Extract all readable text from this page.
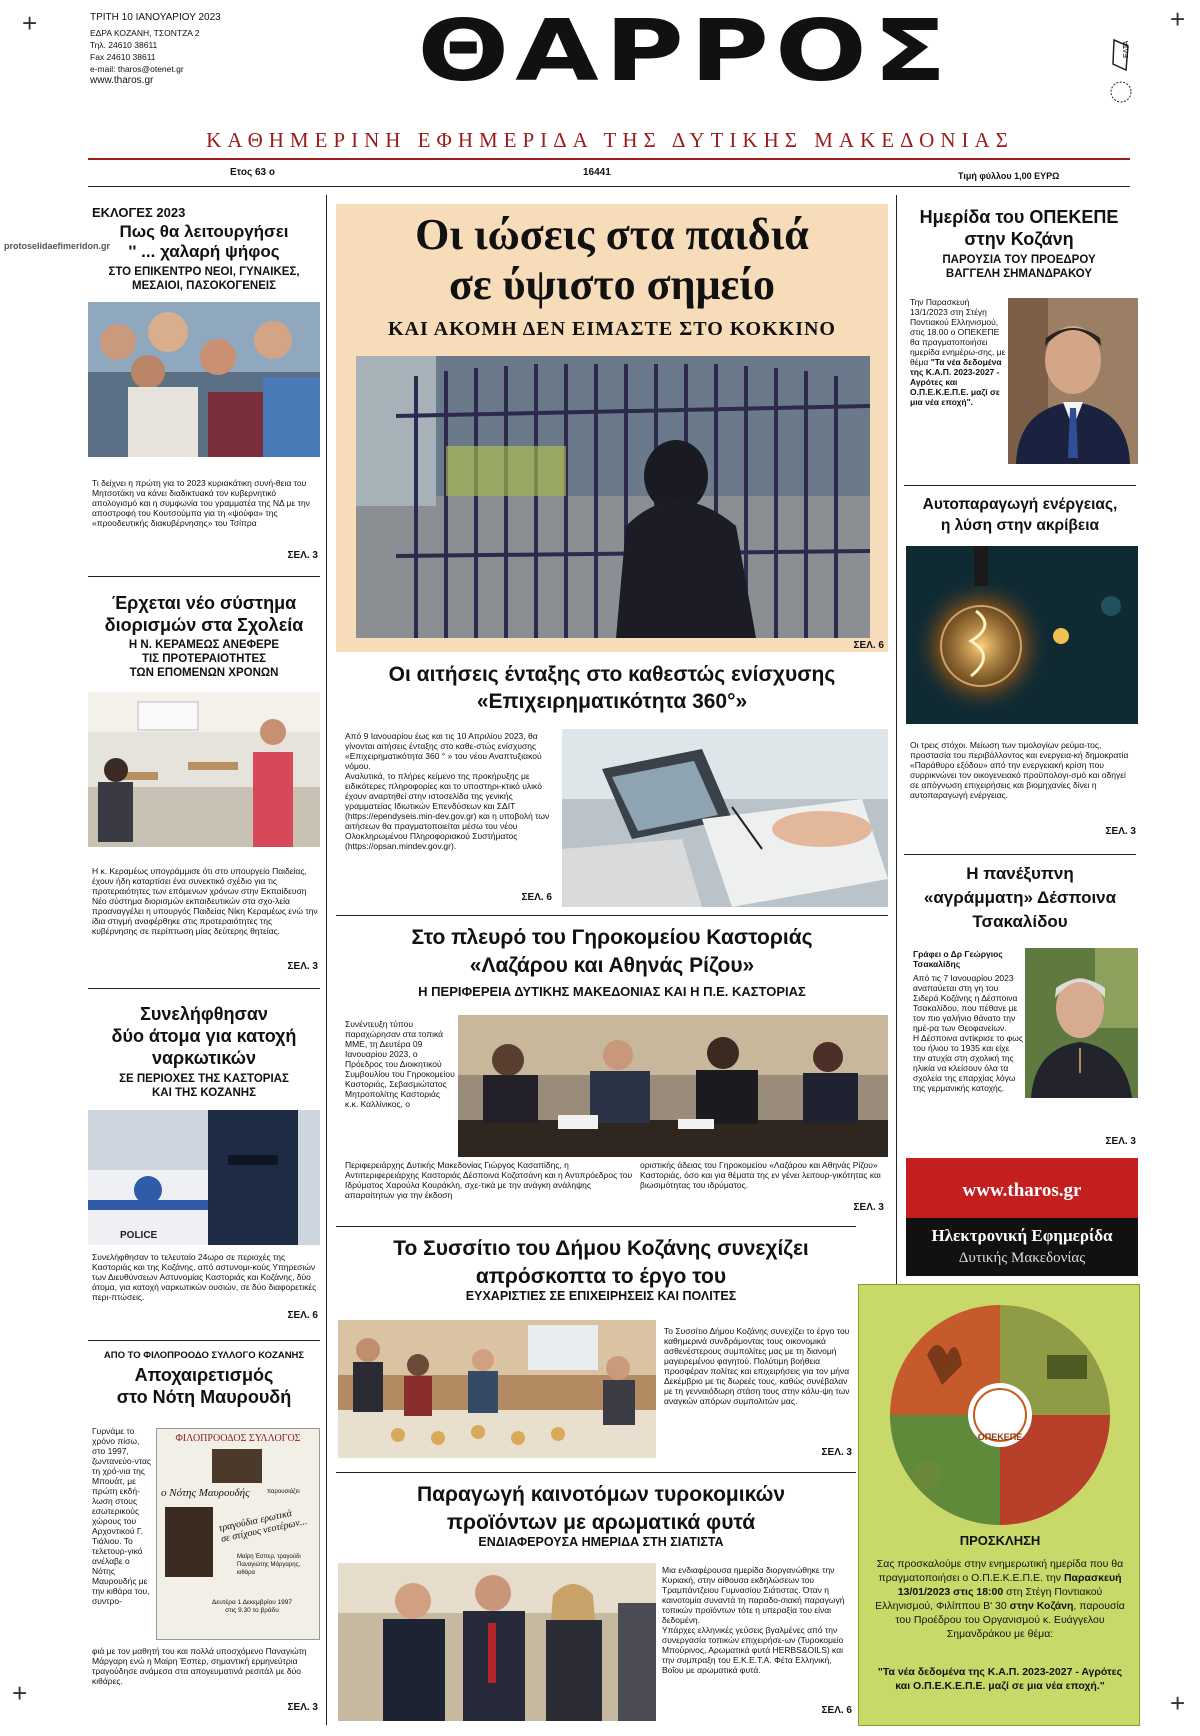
+	+
+	+
ΤΡΙΤΗ 10 ΙΑΝΟΥΑΡΙΟΥ 2023
ΕΔΡΑ ΚΟΖΑΝΗ, ΤΣΟΝΤΖΑ 2
Τηλ. 24610 38611
Fax 24610 38611
e-mail: tharos@otenet.gr
www.tharos.gr	ΘΑΡΡΟΣ	ΕΛΤΑ
ΚΑΘΗΜΕΡΙΝΗ ΕΦΗΜΕΡΙΔΑ ΤΗΣ ΔΥΤΙΚΗΣ ΜΑΚΕΔΟΝΙΑΣ
Ετος 63 ο	16441	Τιμή φύλλου 1,00 ΕΥΡΩ
protoselidaefimeridon.gr
ΕΚΛΟΓΕΣ 2023
Πως θα λειτουργήσει
'' ... χαλαρή ψήφος
ΣΤΟ ΕΠΙΚΕΝΤΡΟ ΝΕΟΙ, ΓΥΝΑΙΚΕΣ,
ΜΕΣΑΙΟΙ, ΠΑΣΟΚΟΓΕΝΕΙΣ
Τι δείχνει η πρώτη για το 2023 κυριακάτικη συνή-θεια του Μητσοτάκη να κάνει διαδικτυακά τον κυβερνητικό απολογισμό και η συμφωνία του γραμματέα της ΝΔ με την αποστροφή του Κουτσούμπα για τη «ψούφα» της «προοδευτικής διακυβέρνησης» του Τσίπρα
ΣΕΛ. 3
Έρχεται νέο σύστημα
διορισμών στα Σχολεία
Η Ν. ΚΕΡΑΜΕΩΣ ΑΝΕΦΕΡΕ
ΤΙΣ ΠΡΟΤΕΡΑΙΟΤΗΤΕΣ
ΤΩΝ ΕΠΟΜΕΝΩΝ ΧΡΟΝΩΝ
Η κ. Κεραμέως υπογράμμισε ότι στο υπουργείο Παιδείας, έχουν ήδη καταρτίσει ένα συνεκτικό σχέδιο για τις προτεραιότητες των επόμενων χρόνων στην Εκπαίδευση
Νέο σύστημα διορισμών εκπαιδευτικών στα σχο-λεία προαναγγέλει η υπουργός Παιδείας Νίκη Κεραμέως ενώ την ίδια στιγμή αναφέρθηκε στις προτεραιότητες της κυβέρνησης σε περίπτωση μίας δεύτερης θητείας.
ΣΕΛ. 3
Συνελήφθησαν
δύο άτομα για κατοχή
ναρκωτικών
ΣΕ ΠΕΡΙΟΧΕΣ ΤΗΣ ΚΑΣΤΟΡΙΑΣ
ΚΑΙ ΤΗΣ ΚΟΖΑΝΗΣ
POLICE
Συνελήφθησαν το τελευταίο 24ωρο σε περιοχές της Καστοριάς και της Κοζάνης, από αστυνομι-κούς Υπηρεσιών των Διευθύνσεων Αστυνομίας Καστοριάς και Κοζάνης, δύο άτομα, για κατοχή ναρκωτικών ουσιών, σε δύο διαφορετικές περι-πτώσεις.
ΣΕΛ. 6
ΑΠΟ ΤΟ ΦΙΛΟΠΡΟΟΔΟ ΣΥΛΛΟΓΟ ΚΟΖΑΝΗΣ
Αποχαιρετισμός
στο Νότη Μαυρουδή
Γυρνάμε το χρόνο πίσω, στο 1997, ζωντανεύο-ντας τη χρό-νια της Μπουάτ, με πρώτη εκδή-λωση στους εσωτερικούς χώρους του Αρχοντικού Γ. Τιάλιου. Το τελετουρ-γικό ανέλαβε ο Νότης Μαυρουδής με την κιθάρα του, συντρο-
ΦΙΛΟΠΡΟΟΔΟΣ ΣΥΛΛΟΓΟΣ
ο Νότης Μαυρουδής	παρουσιάζει
τραγούδια ερωτικά
σε στίχους νεοτέρων...
Μαίρη Έσπερ, τραγούδι
Παναγιώτης Μάργαρης, κιθάρα
Δευτέρα 1 Δεκεμβρίου 1997
στις 9.30 το βράδυ
φιά με τον μαθητή του και πολλά υποσχόμενο Παναγιώτη Μάργαρη ενώ η Μαίρη Έσπερ, σημαντική ερμηνεύτρια τραγούδησε ανάμεσα στα απογευματινά ρεσιτάλ με δύο κιθάρες.
ΣΕΛ. 3
Οι ιώσεις στα παιδιά
σε ύψιστο σημείο
ΚΑΙ ΑΚΟΜΗ ΔΕΝ ΕΙΜΑΣΤΕ ΣΤΟ ΚΟΚΚΙΝΟ
ΣΕΛ. 6
Οι αιτήσεις ένταξης στο καθεστώς ενίσχυσης
«Επιχειρηματικότητα 360°»
Από 9 Ιανουαρίου έως και τις 10 Απριλίου 2023, θα γίνονται αιτήσεις ένταξης στο καθε-στώς ενίσχυσης «Επιχειρηματικότητα 360 ° » του νέου Αναπτυξιακού νόμου.
Αναλυτικά, το πλήρες κείμενο της προκήρυξης με ειδικότερες πληροφορίες και το υποστηρι-κτικό υλικό έχουν αναρτηθεί στην ιστοσελίδα της γενικής γραμματείας Ιδιωτικών Επενδύσεων και ΣΔΙΤ (https://ependyseis.min-dev.gov.gr) και η υποβολή των αιτήσεων θα πραγματοποιείται μέσω του νέου Ολοκληρωμένου Πληροφοριακού Συστήματος (https://opsan.mindev.gov.gr).
ΣΕΛ. 6
Στο πλευρό του Γηροκομείου Καστοριάς
«Λαζάρου και Αθηνάς Ρίζου»
Η ΠΕΡΙΦΕΡΕΙΑ ΔΥΤΙΚΗΣ ΜΑΚΕΔΟΝΙΑΣ ΚΑΙ Η Π.Ε. ΚΑΣΤΟΡΙΑΣ
Συνέντευξη τύπου παραχώρησαν στα τοπικά ΜΜΕ, τη Δευτέρα 09 Ιανουαρίου 2023, ο Πρόεδρος του Διοικητικού Συμβουλίου του Γηροκομείου Καστοριάς, Σεβασμιώτατος Μητροπολίτης Καστοριάς κ.κ. Καλλίνικος, ο
Περιφερειάρχης Δυτικής Μακεδονίας Γιώργος Κασαπίδης, η Αντιπεριφερειάρχης Καστοριάς Δέσποινα Κοζατσάνη και η Αντιπρόεδρος του Ιδρύματος Χαρούλα Κουράκλη, σχε-τικά με την ανάγκη ανάληψης απαραίτητων για την έκδοση
οριστικής άδειας του Γηροκομείου «Λαζάρου και Αθηνάς Ρίζου» Καστοριάς, όσο και για θέματα της εν γένει λειτουρ-γικότητας και βιωσιμότητας του ιδρύματος.
ΣΕΛ. 3
Το Συσσίτιο του Δήμου Κοζάνης συνεχίζει
απρόσκοπτα το έργο του
ΕΥΧΑΡΙΣΤΙΕΣ ΣΕ ΕΠΙΧΕΙΡΗΣΕΙΣ ΚΑΙ ΠΟΛΙΤΕΣ
Το Συσσίτιο Δήμου Κοζάνης συνεχίζει το έργο του καθημερινά συνδράμοντας τους οικονομικά ασθενέστερους συμπολίτες μας με τη διανομή μαγειρεμένου φαγητού. Πολύτιμη βοήθεια προσφέραν πολίτες και επιχειρήσεις για τον μήνα Δεκέμβριο με τις δωρεές τους, καθώς συνέβαλαν με τη γενναιόδωρη στάση τους στην κάλυ-ψη των αναγκών απόρων συμπολιτών μας.
ΣΕΛ. 3
Παραγωγή καινοτόμων τυροκομικών
προϊόντων με αρωματικά φυτά
ΕΝΔΙΑΦΕΡΟΥΣΑ ΗΜΕΡΙΔΑ ΣΤΗ ΣΙΑΤΙΣΤΑ
Μια ενδιαφέρουσα ημερίδα διοργανώθηκε την Κυριακή, στην αίθουσα εκδηλώσεων του Τραμπάντζειου Γυμνασίου Σιάτιστας. Όταν η καινοτομία συναντά τη παραδο-σιακή παραγωγή τοπικών προϊόντων τότε η υπεραξία του είναι δεδομένη.
Υπάρχες ελληνικές γεύσεις βγαλμένες από την συνεργασία τοπικών επιχειρήσε-ων (Τυροκομείο Μπούρινος, Αρωματικά φυτά HERBS&OILS) και την συμπραξη του Ε.Κ.Ε.Τ.Α. Φέτα Ελληνική, Βοΐου με αρωματικά φυτά.
ΣΕΛ. 6
Ημερίδα του ΟΠΕΚΕΠΕ
στην Κοζάνη
ΠΑΡΟΥΣΙΑ ΤΟΥ ΠΡΟΕΔΡΟΥ
ΒΑΓΓΕΛΗ ΣΗΜΑΝΔΡΑΚΟΥ
Την Παρασκευή 13/1/2023 στη Στέγη Ποντιακού Ελληνισμού, στις 18.00 ο ΟΠΕΚΕΠΕ θα πραγματοποιήσει ημερίδα ενημέρω-σης, με θέμα "Τα νέα δεδομένα της Κ.Α.Π. 2023-2027 - Αγρότες και Ο.Π.Ε.Κ.Ε.Π.Ε. μαζί σε μια νέα εποχή".
Αυτοπαραγωγή ενέργειας,
η λύση στην ακρίβεια
Οι τρεις στόχοι. Μείωση των τιμολογίων ρεύμα-τος, προστασία του περιβάλλοντος και ενεργεια-κή δημοκρατία
«Παράθυρο εξόδου» από την ενεργειακή κρίση που συρρικνώνει τον οικογενειακό προϋπολογι-σμό και οδηγεί σε απόγνωση επιχειρήσεις και βιομηχανίες δίνει η αυτοπαραγωγή ενέργειας.
ΣΕΛ. 3
Η πανέξυπνη
«αγράμματη» Δέσποινα
Τσακαλίδου
Γράφει ο Δρ Γεώργιος Τσακαλίδης
Από τις 7 Ιανουαρίου 2023 αναπαύεται στη γη του Σιδερά Κοζάνης η Δέσποινα Τσακαλίδου, που πέθανε με τον πιο γαλήνιο θάνατο την ημέ-ρα των Θεοφανείων.
Η Δέσποινα αντίκρισε το φως του ήλιου το 1935 και είχε την ατυχία στη σχολική της ηλικία να κλείσουν όλα τα σχολεία της επαρχίας λόγω της γερμανικής κατοχής.
ΣΕΛ. 3
www.tharos.gr
Ηλεκτρονική Εφημερίδα
Δυτικής Μακεδονίας
ΟΠΕΚΕΠΕ
ΠΡΟΣΚΛΗΣΗ
Σας προσκαλούμε στην ενημερωτική ημερίδα που θα πραγματοποιήσει ο Ο.Π.Ε.Κ.Ε.Π.Ε. την Παρασκευή 13/01/2023 στις 18:00 στη Στέγη Ποντιακού Ελληνισμού, Φιλίππου Β' 30 στην Κοζάνη, παρουσία του Προέδρου του Οργανισμού κ. Ευάγγελου Σημανδράκου με θέμα:
"Τα νέα δεδομένα της Κ.Α.Π. 2023-2027 - Αγρότες και Ο.Π.Ε.Κ.Ε.Π.Ε. μαζί σε μια νέα εποχή."
